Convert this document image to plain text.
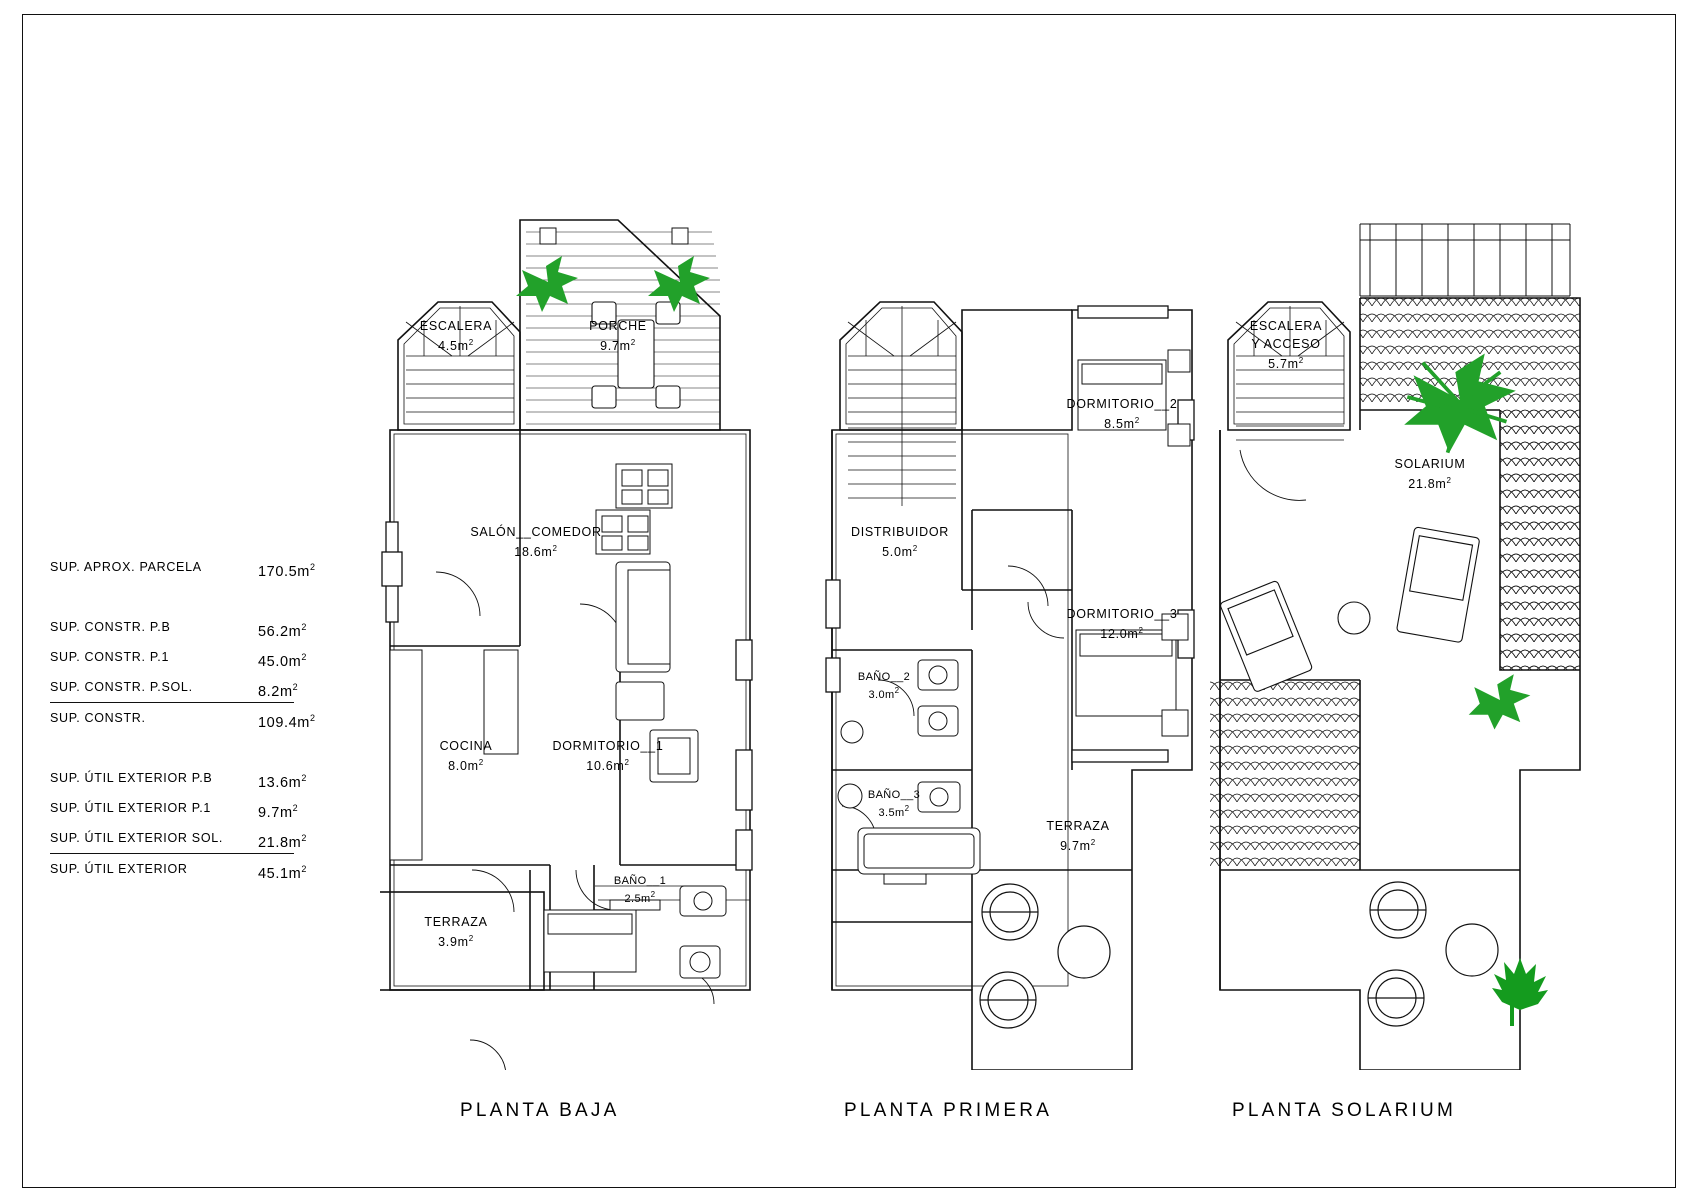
SUP. APROX. PARCELA	$170.5m^2$
SUP. CONSTR. P.B	$56.2m^2$
SUP. CONSTR. P.1	$45.0m^2$
SUP. CONSTR. P.SOL.	$8.2m^2$
SUP. CONSTR.	$109.4m^2$
SUP. ÚTIL EXTERIOR P.B	$13.6m^2$
SUP. ÚTIL EXTERIOR P.1	$9.7m^2$
SUP. ÚTIL EXTERIOR SOL. $21.8m^2$
SUP. ÚTIL EXTERIOR	$45.1m^2$
ESCALERA
$4.5m^2$
PORCHE
$9.7m^2$
SALÓN__COMEDOR
$18.6m^2$
COCINA
$8.0m^2$
DORMITORIO__1
$10.6m^2$
BAÑO__1
$2.5m^2$
TERRAZA
$3.9m^2$
PLANTA BAJA
DORMITORIO__2
$8.5m^2$
DISTRIBUIDOR
$5.0m^2$
DORMITORIO__3
$12.0m^2$
BAÑO__2
$3.0m^2$
BAÑO__3
$3.5m^2$
TERRAZA
$9.7m^2$
PLANTA PRIMERA
ESCALERA
Y ACCESO
$5.7m^2$
SOLARIUM
$21.8m^2$
PLANTA SOLARIUM
